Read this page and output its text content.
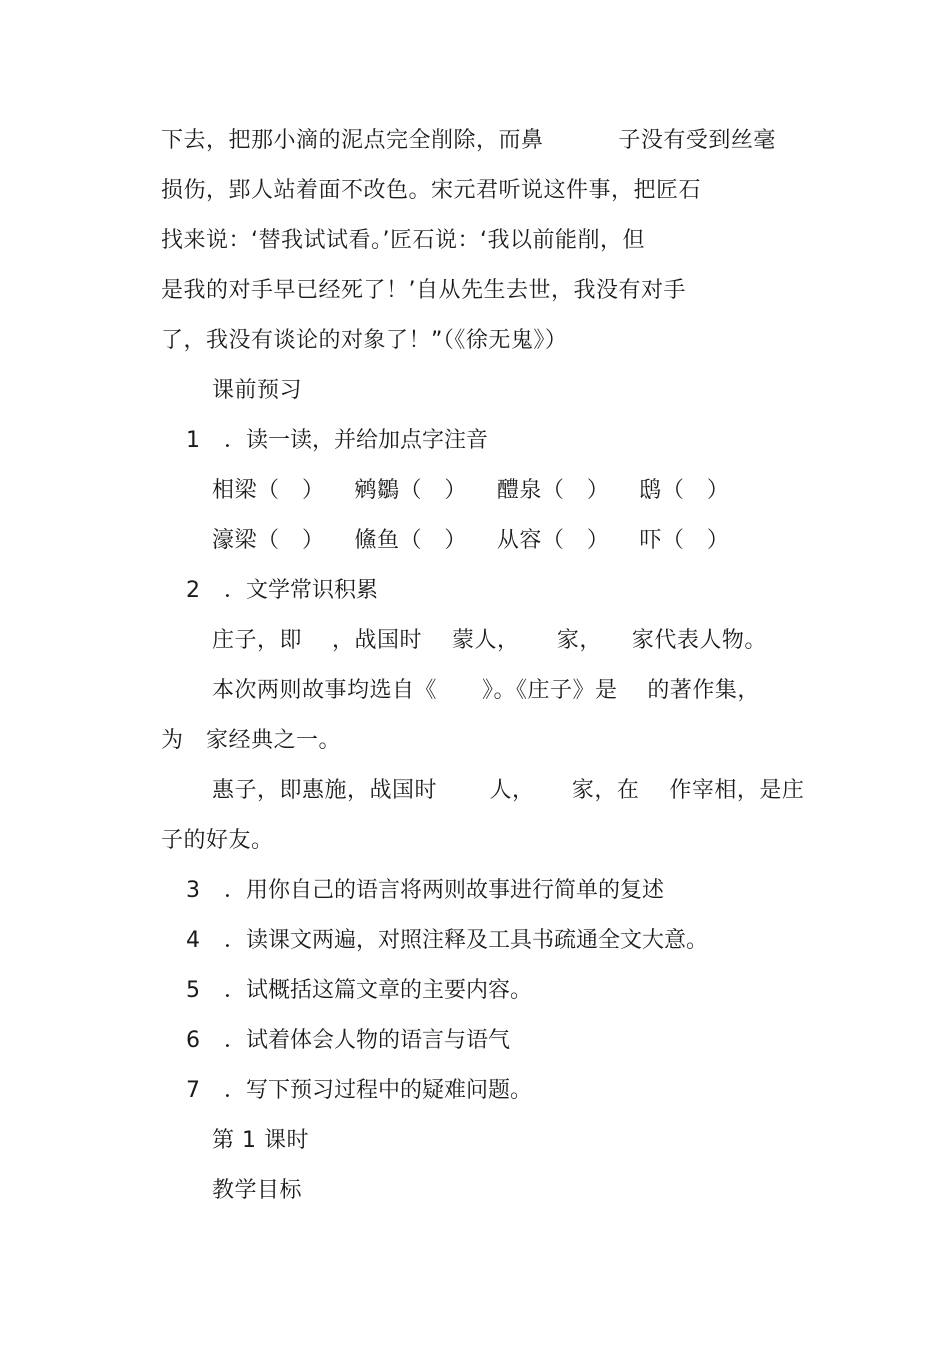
下去，把那小滴的泥点完全削除，而鼻          子没有受到丝毫
损伤，郢人站着面不改色。宋元君听说这件事，把匠石
找来说：‘替我试试看。’匠石说：‘我以前能削，但
是我的对手早已经死了！’自从先生去世，我没有对手
了，我没有谈论的对象了！”（《徐无鬼》）
课前预习
1 ．读一读，并给加点字注音
相梁（   ）    鹓鶵（   ）    醴泉（   ）    鸱（   ）
濠梁（   ）    鯈鱼（   ）    从容（   ）    吓（   ）
2 ．文学常识积累
庄子，即    ，战国时    蒙人，     家，    家代表人物。
本次两则故事均选自《      》。《庄子》是    的著作集，
为   家经典之一。
惠子，即惠施，战国时       人，     家，在    作宰相，是庄
子的好友。
3 ．用你自己的语言将两则故事进行简单的复述
4 ．读课文两遍，对照注释及工具书疏通全文大意。
5 ．试概括这篇文章的主要内容。
6 ．试着体会人物的语言与语气
7 ．写下预习过程中的疑难问题。
第 1 课时
教学目标
